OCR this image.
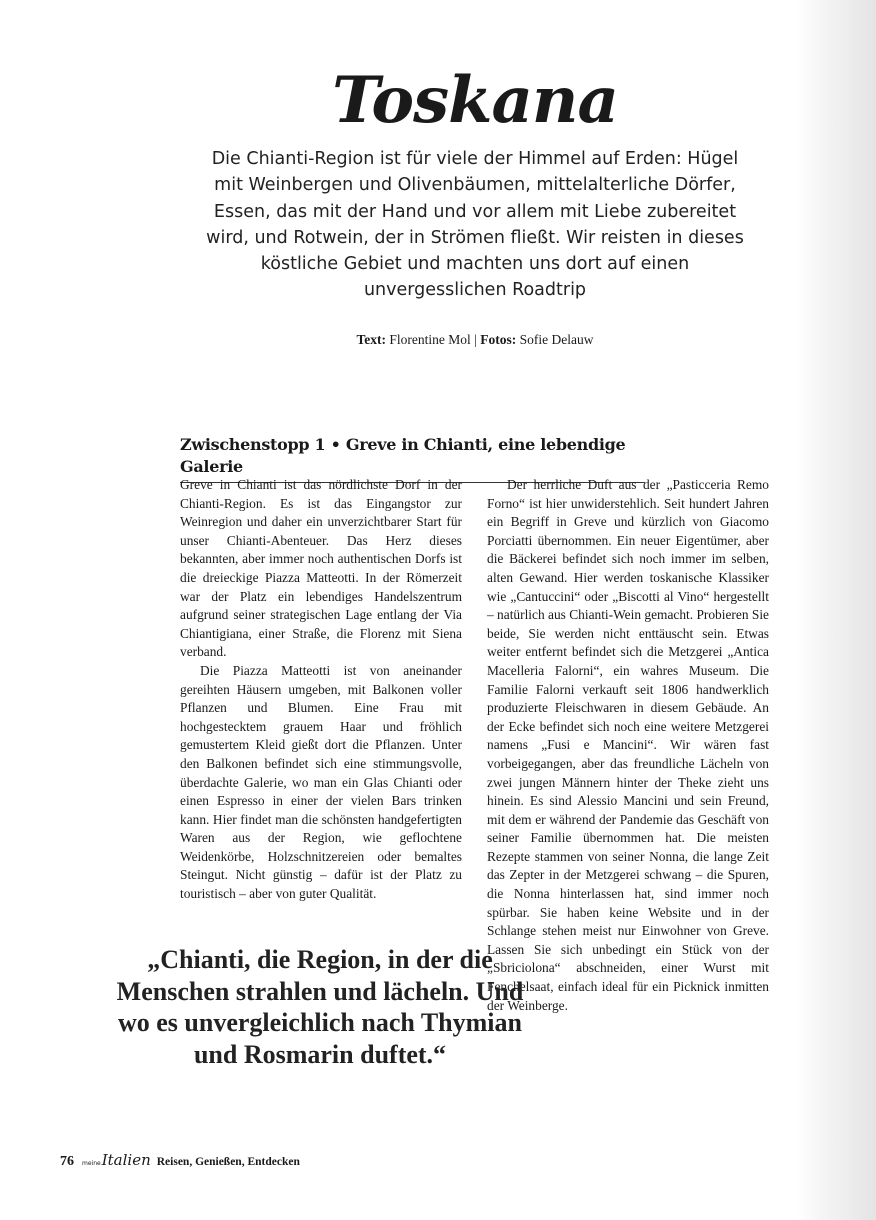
Toskana

Die Chianti-Region ist für viele der Himmel auf Erden: Hügel mit Weinbergen und Olivenbäumen, mittelalterliche Dörfer, Essen, das mit der Hand und vor allem mit Liebe zubereitet wird, und Rotwein, der in Strömen fließt. Wir reisten in dieses köstliche Gebiet und machten uns dort auf einen unvergesslichen Roadtrip

Text: Florentine Mol | Fotos: Sofie Delauw
Zwischenstopp 1 • Greve in Chianti, eine lebendige Galerie

Greve in Chianti ist das nördlichste Dorf in der Chianti-Region. Es ist das Eingangstor zur Weinregion und daher ein unverzichtbarer Start für unser Chianti-Abenteuer. Das Herz dieses bekannten, aber immer noch authentischen Dorfs ist die dreieckige Piazza Matteotti. In der Römerzeit war der Platz ein lebendiges Handelszentrum aufgrund seiner strategischen Lage entlang der Via Chiantigiana, einer Straße, die Florenz mit Siena verband.

Die Piazza Matteotti ist von aneinander gereihten Häusern umgeben, mit Balkonen voller Pflanzen und Blumen. Eine Frau mit hochgestecktem grauem Haar und fröhlich gemustertem Kleid gießt dort die Pflanzen. Unter den Balkonen befindet sich eine stimmungsvolle, überdachte Galerie, wo man ein Glas Chianti oder einen Espresso in einer der vielen Bars trinken kann. Hier findet man die schönsten handgefertigten Waren aus der Region, wie geflochtene Weidenkörbe, Holzschnitzereien oder bemaltes Steingut. Nicht günstig – dafür ist der Platz zu touristisch – aber von guter Qualität.

Der herrliche Duft aus der „Pasticceria Remo Forno“ ist hier unwiderstehlich. Seit hundert Jahren ein Begriff in Greve und kürzlich von Giacomo Porciatti übernommen. Ein neuer Eigentümer, aber die Bäckerei befindet sich noch immer im selben, alten Gewand. Hier werden toskanische Klassiker wie „Cantuccini“ oder „Biscotti al Vino“ hergestellt – natürlich aus Chianti-Wein gemacht. Probieren Sie beide, Sie werden nicht enttäuscht sein. Etwas weiter entfernt befindet sich die Metzgerei „Antica Macelleria Falorni“, ein wahres Museum. Die Familie Falorni verkauft seit 1806 handwerklich produzierte Fleischwaren in diesem Gebäude. An der Ecke befindet sich noch eine weitere Metzgerei namens „Fusi e Mancini“. Wir wären fast vorbeigegangen, aber das freundliche Lächeln von zwei jungen Männern hinter der Theke zieht uns hinein. Es sind Alessio Mancini und sein Freund, mit dem er während der Pandemie das Geschäft von seiner Familie übernommen hat. Die meisten Rezepte stammen von seiner Nonna, die lange Zeit das Zepter in der Metzgerei schwang – die Spuren, die Nonna hinterlassen hat, sind immer noch spürbar. Sie haben keine Website und in der Schlange stehen meist nur Einwohner von Greve. Lassen Sie sich unbedingt ein Stück von der „Sbriciolona“ abschneiden, einer Wurst mit Fenchelsaat, einfach ideal für ein Picknick inmitten der Weinberge.

„Chianti, die Region, in der die Menschen strahlen und lächeln. Und wo es unvergleichlich nach Thymian und Rosmarin duftet.“

76 meine Italien Reisen, Genießen, Entdecken
